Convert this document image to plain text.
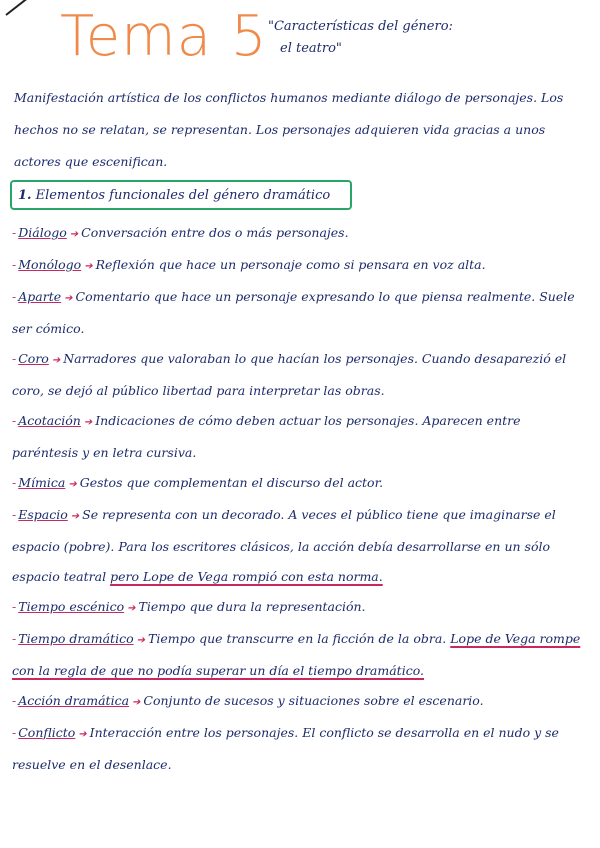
Tema 5 "Características del género:
el teatro"
Manifestación artística de los conflictos humanos mediante diálogo de personajes. Los hechos no se relatan, se representan. Los personajes adquieren vida gracias a unos actores que escenifican.
1. Elementos funcionales del género dramático
- Diálogo ➔ Conversación entre dos o más personajes.
- Monólogo ➔ Reflexión que hace un personaje como si pensara en voz alta.
- Aparte ➔ Comentario que hace un personaje expresando lo que piensa realmente. Suele ser cómico.
- Coro ➔ Narradores que valoraban lo que hacían los personajes. Cuando desaparezió el coro, se dejó al público libertad para interpretar las obras.
- Acotación ➔ Indicaciones de cómo deben actuar los personajes. Aparecen entre paréntesis y en letra cursiva.
- Mímica ➔ Gestos que complementan el discurso del actor.
- Espacio ➔ Se representa con un decorado. A veces el público tiene que imaginarse el espacio (pobre). Para los escritores clásicos, la acción debía desarrollarse en un sólo espacio teatral pero Lope de Vega rompió con esta norma.
- Tiempo escénico ➔ Tiempo que dura la representación.
- Tiempo dramático ➔ Tiempo que transcurre en la ficción de la obra. Lope de Vega rompe con la regla de que no podía superar un día el tiempo dramático.
- Acción dramática ➔ Conjunto de sucesos y situaciones sobre el escenario.
- Conflicto ➔ Interacción entre los personajes. El conflicto se desarrolla en el nudo y se resuelve en el desenlace.
